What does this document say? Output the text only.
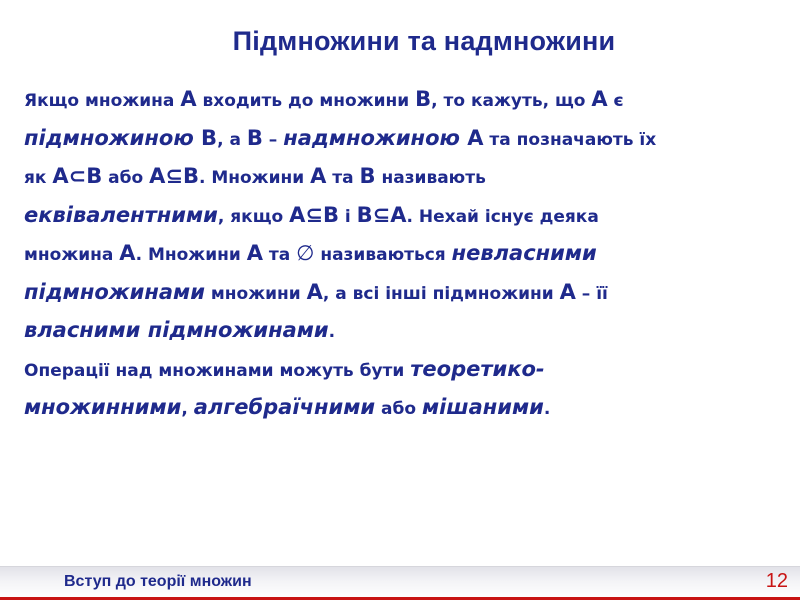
Підмножини та надмножини
Якщо множина А входить до множини В, то кажуть, що А є
підмножиною В, а В – надмножиною А та позначають їх
як А⊂В або А⊆В. Множини А та В називають
еквівалентними, якщо А⊆В і В⊆А. Нехай існує деяка
множина А. Множини А та ∅ називаються невласними
підмножинами множини А, а всі інші підмножини А – її
власними підмножинами.
Операції над множинами можуть бути теоретико-
множинними, алгебраїчними або мішаними.
Вступ до теорії множин	12
